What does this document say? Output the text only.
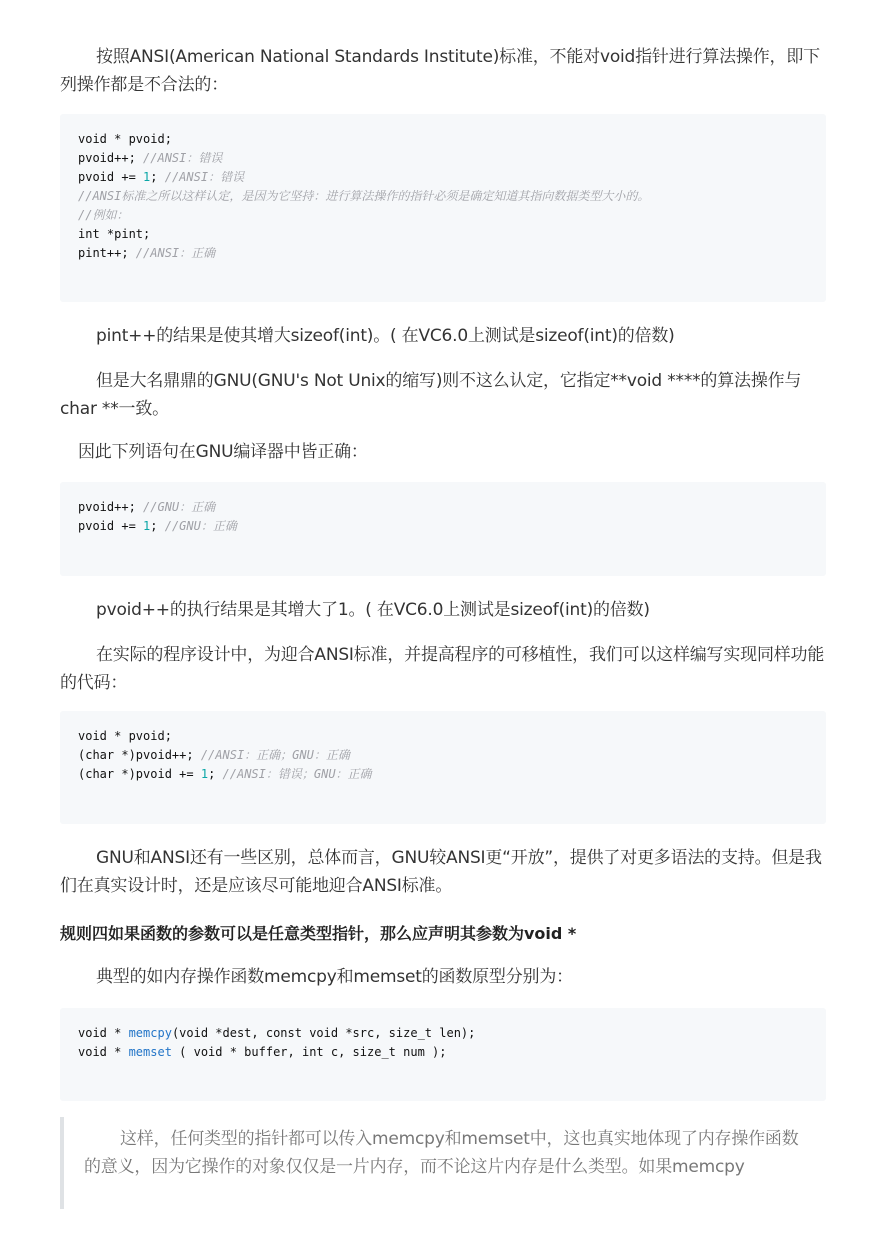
按照ANSI(American National Standards Institute)标准，不能对void指针进行算法操作，即下列操作都是不合法的：

void * pvoid;
pvoid++; //ANSI：错误
pvoid += 1; //ANSI：错误
//ANSI标准之所以这样认定，是因为它坚持：进行算法操作的指针必须是确定知道其指向数据类型大小的。
//例如：
int *pint;
pint++; //ANSI：正确

pint++的结果是使其增大sizeof(int)。( 在VC6.0上测试是sizeof(int)的倍数)

但是大名鼎鼎的GNU(GNU's Not Unix的缩写)则不这么认定，它指定**void ****的算法操作与 char **一致。

因此下列语句在GNU编译器中皆正确：

pvoid++; //GNU：正确
pvoid += 1; //GNU：正确

pvoid++的执行结果是其增大了1。( 在VC6.0上测试是sizeof(int)的倍数)

在实际的程序设计中，为迎合ANSI标准，并提高程序的可移植性，我们可以这样编写实现同样功能的代码：

void * pvoid;
(char *)pvoid++; //ANSI：正确；GNU：正确
(char *)pvoid += 1; //ANSI：错误；GNU：正确

GNU和ANSI还有一些区别，总体而言，GNU较ANSI更“开放”，提供了对更多语法的支持。但是我们在真实设计时，还是应该尽可能地迎合ANSI标准。

规则四如果函数的参数可以是任意类型指针，那么应声明其参数为void *

典型的如内存操作函数memcpy和memset的函数原型分别为：

void * memcpy(void *dest, const void *src, size_t len);
void * memset ( void * buffer, int c, size_t num );

这样，任何类型的指针都可以传入memcpy和memset中，这也真实地体现了内存操作函数的意义，因为它操作的对象仅仅是一片内存，而不论这片内存是什么类型。如果memcpy
